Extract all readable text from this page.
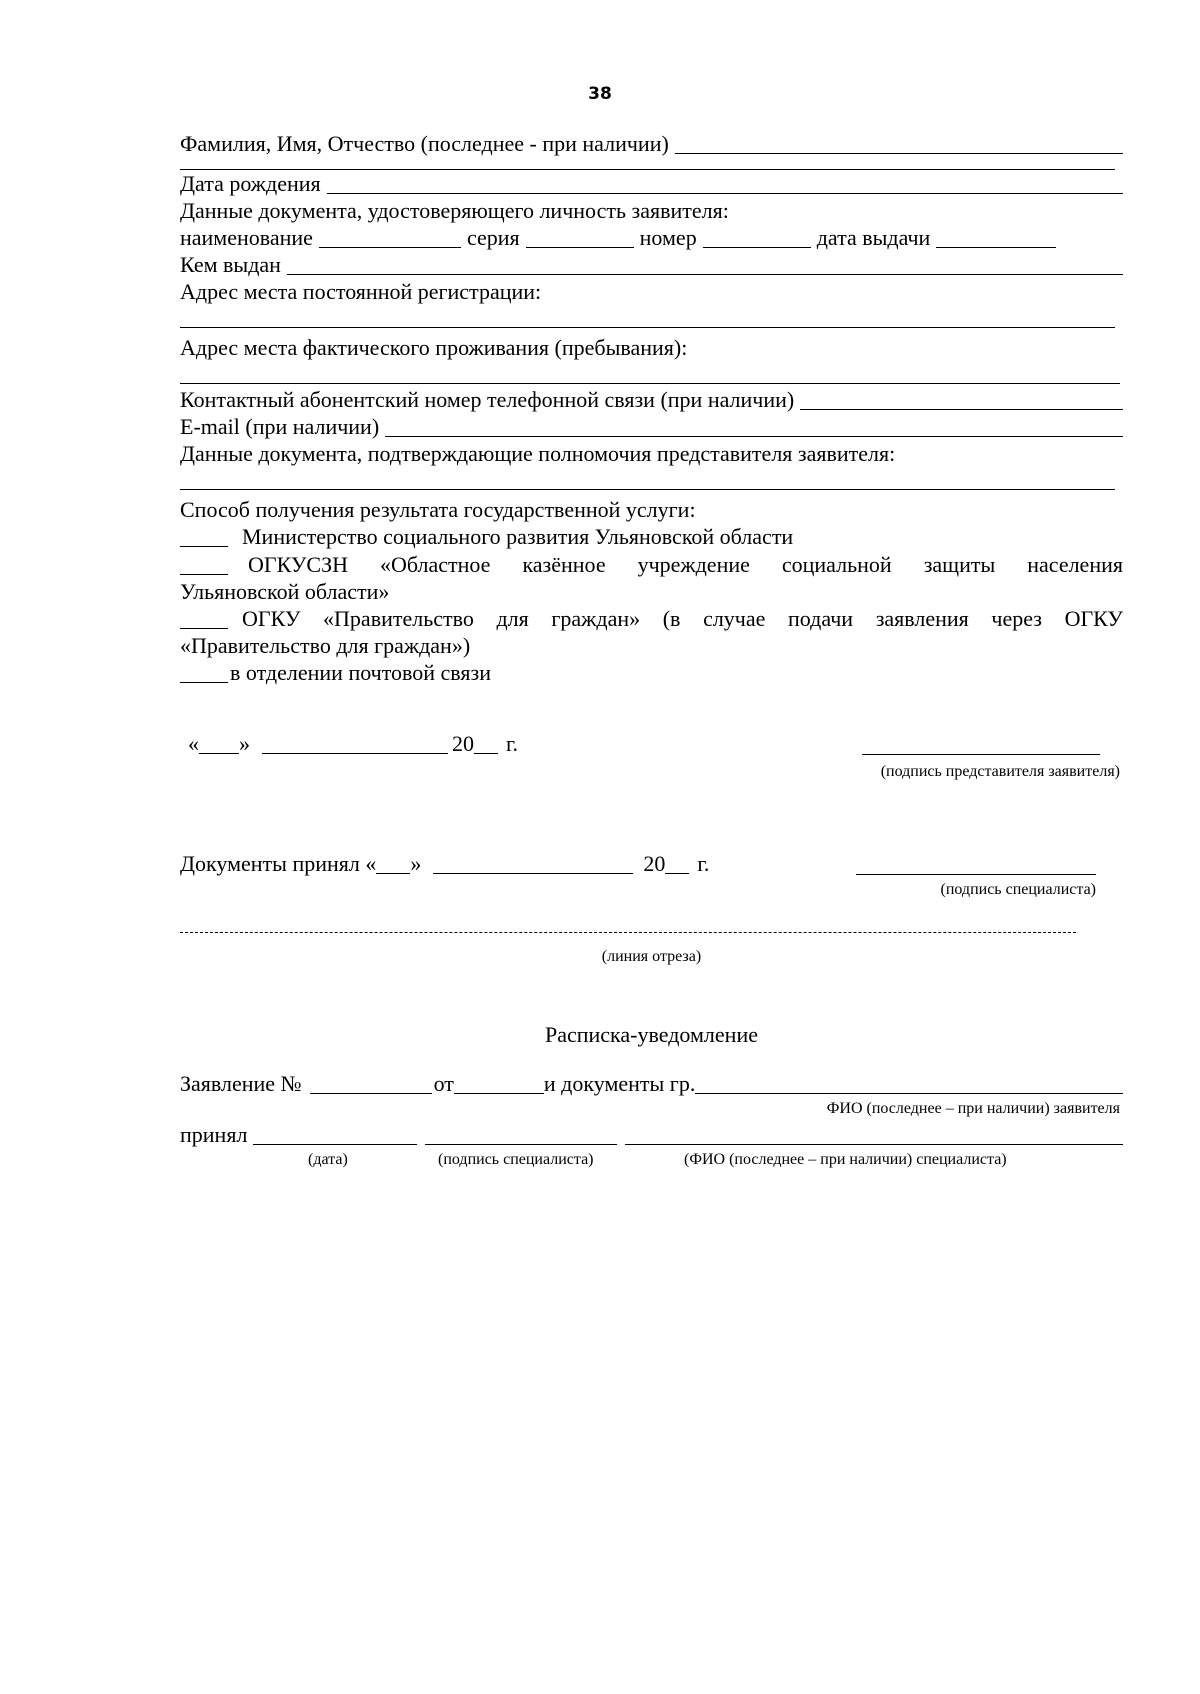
38
Фамилия, Имя, Отчество (последнее - при наличии)
Дата рождения
Данные документа, удостоверяющего личность заявителя:
наименование	серия	номер	дата выдачи
Кем выдан
Адрес места постоянной регистрации:
Адрес места фактического проживания (пребывания):
Контактный абонентский номер телефонной связи (при наличии)
E-mail (при наличии)
Данные документа, подтверждающие полномочия представителя заявителя:
Способ получения результата государственной услуги:
Министерство социального развития Ульяновской области
ОГКУСЗН «Областное казённое учреждение социальной защиты населения
Ульяновской области»
ОГКУ «Правительство для граждан» (в случае подачи заявления через ОГКУ
«Правительство для граждан»)
в отделении почтовой связи
« »	20 г.
(подпись представителя заявителя)
Документы принял « »	20 г.
(подпись специалиста)
(линия отреза)
Расписка-уведомление
Заявление №	от	и документы гр.
ФИО (последнее – при наличии) заявителя
принял
(дата)	(подпись специалиста)	(ФИО (последнее – при наличии) специалиста)
